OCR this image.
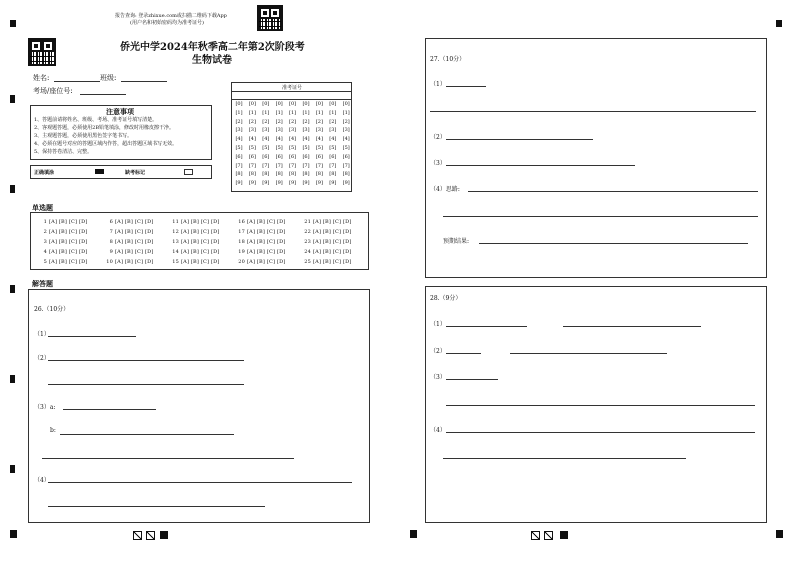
报告查询: 登录zhixue.com或扫描二维码下载App
(用户名和初始密码均为准考证号)
侨光中学2024年秋季高二年第2次阶段考
生物试卷
姓名:	班级:
考场/座位号:
注意事项
1、答题前请将姓名、班级、考场、准考证号填写清楚。
2、客观题答题，必须使用2B铅笔填涂，修改时用橡皮擦干净。
3、主观题答题，必须使用黑色签字笔书写。
4、必须在题号对应的答题区域内作答，超出答题区域书写无效。
5、保持答卷清洁、完整。
正确填涂	缺考标记
准考证号
[0]
[1]
[2]
[3]
[4]
[5]
[6]
[7]
[8]
[9]
[0]
[1]
[2]
[3]
[4]
[5]
[6]
[7]
[8]
[9]
[0]
[1]
[2]
[3]
[4]
[5]
[6]
[7]
[8]
[9]
[0]
[1]
[2]
[3]
[4]
[5]
[6]
[7]
[8]
[9]
[0]
[1]
[2]
[3]
[4]
[5]
[6]
[7]
[8]
[9]
[0]
[1]
[2]
[3]
[4]
[5]
[6]
[7]
[8]
[9]
[0]
[1]
[2]
[3]
[4]
[5]
[6]
[7]
[8]
[9]
[0]
[1]
[2]
[3]
[4]
[5]
[6]
[7]
[8]
[9]
[0]
[1]
[2]
[3]
[4]
[5]
[6]
[7]
[8]
[9]
单选题
1 [A] [B] [C] [D]
2 [A] [B] [C] [D]
3 [A] [B] [C] [D]
4 [A] [B] [C] [D]
5 [A] [B] [C] [D]
6 [A] [B] [C] [D]
7 [A] [B] [C] [D]
8 [A] [B] [C] [D]
9 [A] [B] [C] [D]
10 [A] [B] [C] [D]
11 [A] [B] [C] [D]
12 [A] [B] [C] [D]
13 [A] [B] [C] [D]
14 [A] [B] [C] [D]
15 [A] [B] [C] [D]
16 [A] [B] [C] [D]
17 [A] [B] [C] [D]
18 [A] [B] [C] [D]
19 [A] [B] [C] [D]
20 [A] [B] [C] [D]
21 [A] [B] [C] [D]
22 [A] [B] [C] [D]
23 [A] [B] [C] [D]
24 [A] [B] [C] [D]
25 [A] [B] [C] [D]
解答题
26.（10分）
（1）
（2）
（3）a:
b:
（4）
27.（10分）
（1）
（2）
（3）
（4）思路:
预期结果:
28.（9分）
（1）
（2）
（3）
（4）
